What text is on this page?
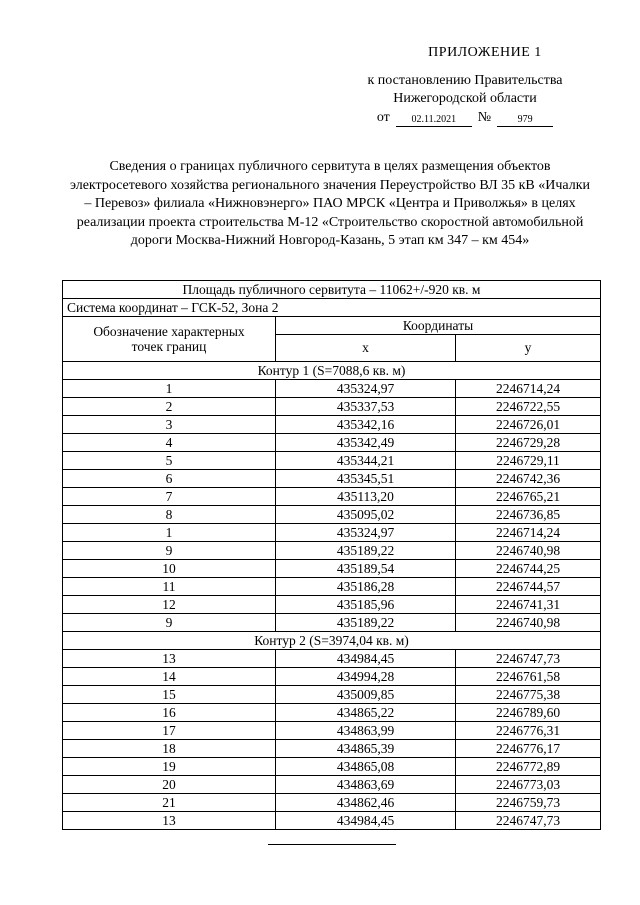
ПРИЛОЖЕНИЕ 1
к постановлению Правительства
Нижегородской области
от	02.11.2021	№	979
Сведения о границах публичного сервитута в целях размещения объектов электросетевого хозяйства регионального значения Переустройство ВЛ 35 кВ «Ичалки – Перевоз» филиала «Нижновэнерго» ПАО МРСК «Центра и Приволжья» в целях реализации проекта строительства М-12 «Строительство скоростной автомобильной дороги Москва-Нижний Новгород-Казань, 5 этап км 347 – км 454»
Площадь публичного сервитута – 11062+/-920 кв. м		
Система координат – ГСК-52, Зона 2		
Обозначение характерных точек границ	Координаты	
	x	y
Контур 1 (S=7088,6 кв. м)		
1	435324,97	2246714,24
2	435337,53	2246722,55
3	435342,16	2246726,01
4	435342,49	2246729,28
5	435344,21	2246729,11
6	435345,51	2246742,36
7	435113,20	2246765,21
8	435095,02	2246736,85
1	435324,97	2246714,24
9	435189,22	2246740,98
10	435189,54	2246744,25
11	435186,28	2246744,57
12	435185,96	2246741,31
9	435189,22	2246740,98
Контур 2 (S=3974,04 кв. м)		
13	434984,45	2246747,73
14	434994,28	2246761,58
15	435009,85	2246775,38
16	434865,22	2246789,60
17	434863,99	2246776,31
18	434865,39	2246776,17
19	434865,08	2246772,89
20	434863,69	2246773,03
21	434862,46	2246759,73
13	434984,45	2246747,73
